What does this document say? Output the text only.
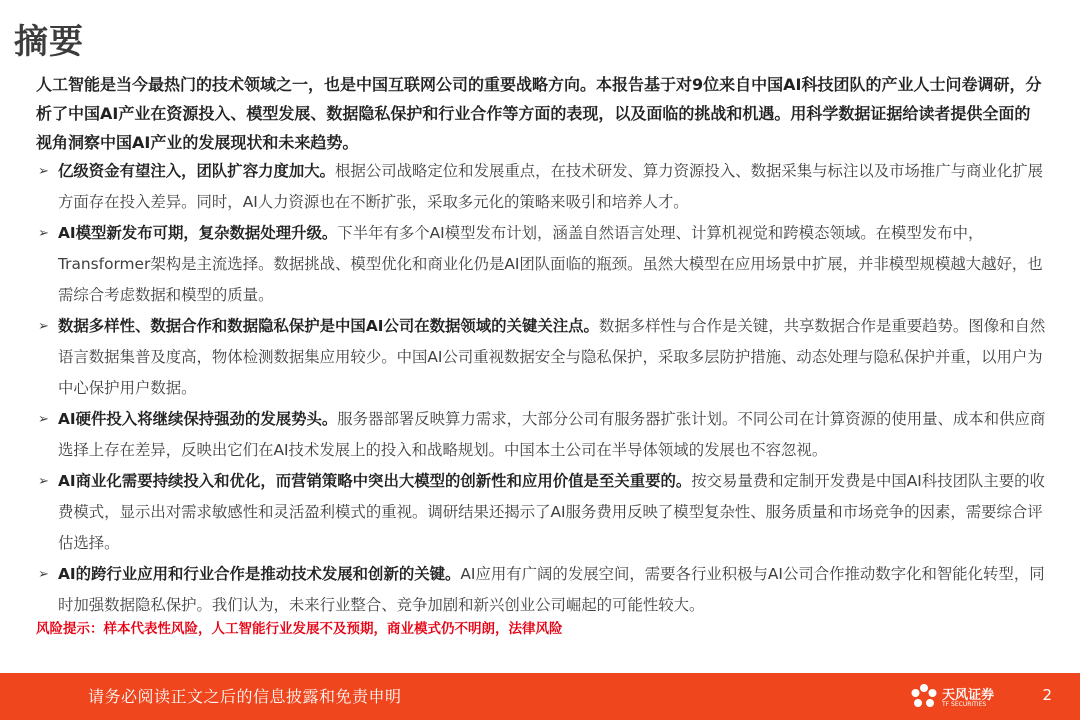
摘要
人工智能是当今最热门的技术领域之一，也是中国互联网公司的重要战略方向。本报告基于对9位来自中国AI科技团队的产业人士问卷调研，分析了中国AI产业在资源投入、模型发展、数据隐私保护和行业合作等方面的表现，以及面临的挑战和机遇。用科学数据证据给读者提供全面的视角洞察中国AI产业的发展现状和未来趋势。
➢ 亿级资金有望注入，团队扩容力度加大。根据公司战略定位和发展重点，在技术研发、算力资源投入、数据采集与标注以及市场推广与商业化扩展方面存在投入差异。同时，AI人力资源也在不断扩张，采取多元化的策略来吸引和培养人才。
➢ AI模型新发布可期，复杂数据处理升级。下半年有多个AI模型发布计划，涵盖自然语言处理、计算机视觉和跨模态领域。在模型发布中，Transformer架构是主流选择。数据挑战、模型优化和商业化仍是AI团队面临的瓶颈。虽然大模型在应用场景中扩展，并非模型规模越大越好，也需综合考虑数据和模型的质量。
➢ 数据多样性、数据合作和数据隐私保护是中国AI公司在数据领域的关键关注点。数据多样性与合作是关键，共享数据合作是重要趋势。图像和自然语言数据集普及度高，物体检测数据集应用较少。中国AI公司重视数据安全与隐私保护，采取多层防护措施、动态处理与隐私保护并重，以用户为中心保护用户数据。
➢ AI硬件投入将继续保持强劲的发展势头。服务器部署反映算力需求，大部分公司有服务器扩张计划。不同公司在计算资源的使用量、成本和供应商选择上存在差异，反映出它们在AI技术发展上的投入和战略规划。中国本土公司在半导体领域的发展也不容忽视。
➢ AI商业化需要持续投入和优化，而营销策略中突出大模型的创新性和应用价值是至关重要的。按交易量费和定制开发费是中国AI科技团队主要的收费模式，显示出对需求敏感性和灵活盈利模式的重视。调研结果还揭示了AI服务费用反映了模型复杂性、服务质量和市场竞争的因素，需要综合评估选择。
➢ AI的跨行业应用和行业合作是推动技术发展和创新的关键。AI应用有广阔的发展空间，需要各行业积极与AI公司合作推动数字化和智能化转型，同时加强数据隐私保护。我们认为，未来行业整合、竞争加剧和新兴创业公司崛起的可能性较大。
风险提示：样本代表性风险，人工智能行业发展不及预期，商业模式仍不明朗，法律风险
请务必阅读正文之后的信息披露和免责申明	天风证券
TF SECURITIES
2
